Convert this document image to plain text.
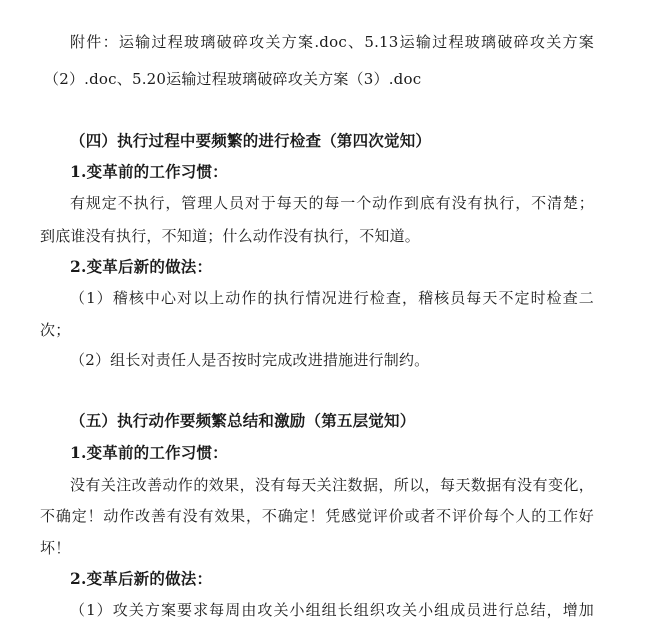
附件：运输过程玻璃破碎攻关方案.doc、5.13运输过程玻璃破碎攻关方案
（2）.doc、5.20运输过程玻璃破碎攻关方案（3）.doc
（四）执行过程中要频繁的进行检查（第四次觉知）
1.变革前的工作习惯：
有规定不执行，管理人员对于每天的每一个动作到底有没有执行，不清楚；
到底谁没有执行，不知道；什么动作没有执行，不知道。
2.变革后新的做法：
（1）稽核中心对以上动作的执行情况进行检查，稽核员每天不定时检查二
次；
（2）组长对责任人是否按时完成改进措施进行制约。
（五）执行动作要频繁总结和激励（第五层觉知）
1.变革前的工作习惯：
没有关注改善动作的效果，没有每天关注数据，所以，每天数据有没有变化，
不确定！动作改善有没有效果，不确定！凭感觉评价或者不评价每个人的工作好
坏！
2.变革后新的做法：
（1）攻关方案要求每周由攻关小组组长组织攻关小组成员进行总结，增加
